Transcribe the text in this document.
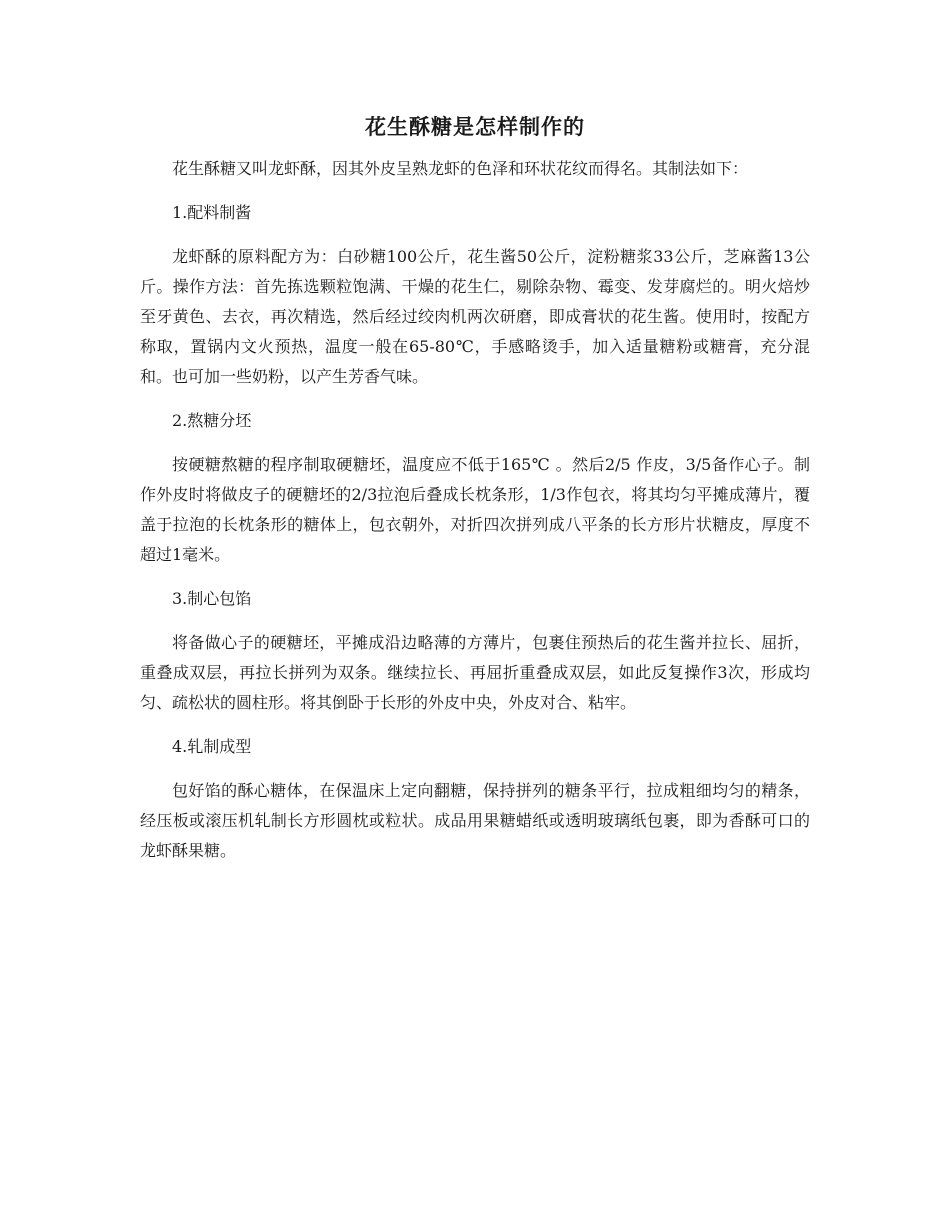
花生酥糖是怎样制作的

花生酥糖又叫龙虾酥，因其外皮呈熟龙虾的色泽和环状花纹而得名。其制法如下：

1.配料制酱

龙虾酥的原料配方为：白砂糖100公斤，花生酱50公斤，淀粉糖浆33公斤，芝麻酱13公斤。操作方法：首先拣选颗粒饱满、干燥的花生仁，剔除杂物、霉变、发芽腐烂的。明火焙炒至牙黄色、去衣，再次精选，然后经过绞肉机两次研磨，即成膏状的花生酱。使用时，按配方称取，置锅内文火预热，温度一般在65-80℃，手感略烫手，加入适量糖粉或糖膏，充分混和。也可加一些奶粉，以产生芳香气味。

2.熬糖分坯

按硬糖熬糖的程序制取硬糖坯，温度应不低于165℃ 。然后2/5 作皮，3/5备作心子。制作外皮时将做皮子的硬糖坯的2/3拉泡后叠成长枕条形，1/3作包衣，将其均匀平摊成薄片，覆盖于拉泡的长枕条形的糖体上，包衣朝外，对折四次拼列成八平条的长方形片状糖皮，厚度不超过1毫米。

3.制心包馅

将备做心子的硬糖坯，平摊成沿边略薄的方薄片，包裹住预热后的花生酱并拉长、屈折，重叠成双层，再拉长拼列为双条。继续拉长、再屈折重叠成双层，如此反复操作3次，形成均匀、疏松状的圆柱形。将其倒卧于长形的外皮中央，外皮对合、粘牢。

4.轧制成型

包好馅的酥心糖体，在保温床上定向翻糖，保持拼列的糖条平行，拉成粗细均匀的精条，经压板或滚压机轧制长方形圆枕或粒状。成品用果糖蜡纸或透明玻璃纸包裹，即为香酥可口的龙虾酥果糖。
